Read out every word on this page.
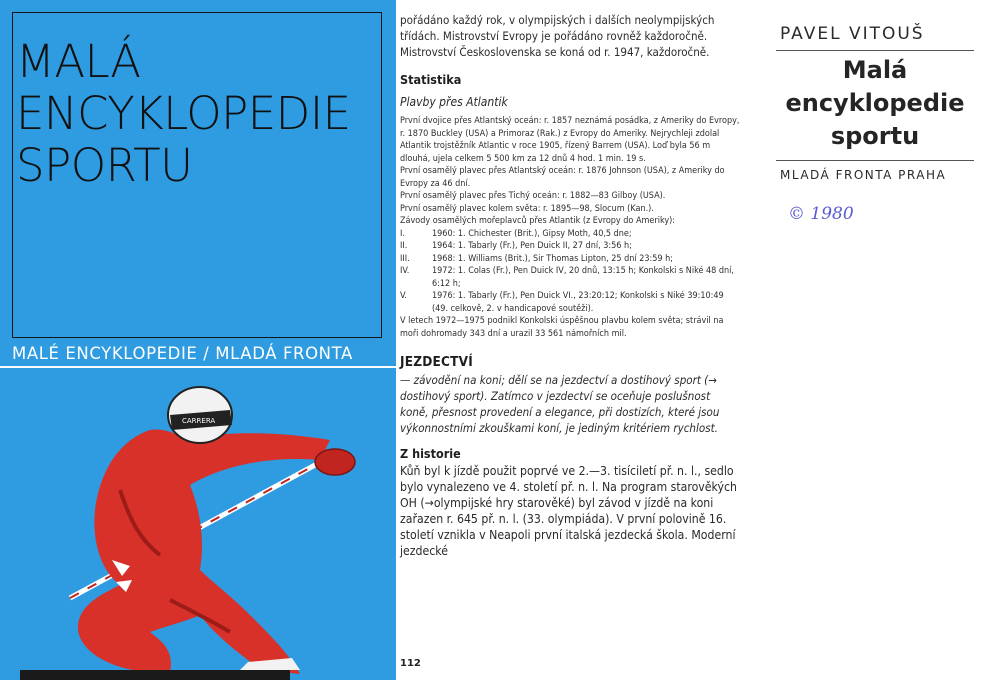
MALÁ
ENCYKLOPEDIE
SPORTU
MALÉ ENCYKLOPEDIE / MLADÁ FRONTA
CARRERA

pořádáno každý rok, v olympijských i dalších neolympijských třídách. Mistrovství Evropy je pořádáno rovněž každoročně.

Mistrovství Československa se koná od r. 1947, každoročně.

Statistika
Plavby přes Atlantik

První dvojice přes Atlantský oceán: r. 1857 neznámá posádka, z Ameriky do Evropy, r. 1870 Buckley (USA) a Primoraz (Rak.) z Evropy do Ameriky. Nejrychleji zdolal Atlantik trojstěžník Atlantic v roce 1905, řízený Barrem (USA). Loď byla 56 m dlouhá, ujela celkem 5 500 km za 12 dnů 4 hod. 1 min. 19 s.

První osamělý plavec přes Atlantský oceán: r. 1876 Johnson (USA), z Ameriky do Evropy za 46 dní.

První osamělý plavec přes Tichý oceán: r. 1882—83 Gilboy (USA).

První osamělý plavec kolem světa: r. 1895—98, Slocum (Kan.).

Závody osamělých mořeplavců přes Atlantik (z Evropy do Ameriky):

I.	1960: 1. Chichester (Brit.), Gipsy Moth, 40,5 dne;
II.	1964: 1. Tabarly (Fr.), Pen Duick II, 27 dní, 3:56 h;
III.	1968: 1. Williams (Brit.), Sir Thomas Lipton, 25 dní 23:59 h;
IV.	1972: 1. Colas (Fr.), Pen Duick IV, 20 dnů, 13:15 h; Konkolski s Niké 48 dní, 6:12 h;
V.	1976: 1. Tabarly (Fr.), Pen Duick VI., 23:20:12; Konkolski s Niké 39:10:49 (49. celkově, 2. v handicapové soutěži).

V letech 1972—1975 podnikl Konkolski úspěšnou plavbu kolem světa; strávil na moři dohromady 343 dní a urazil 33 561 námořních mil.

JEZDECTVÍ

— závodění na koni; dělí se na jezdectví a dostihový sport (→ dostihový sport). Zatímco v jezdectví se oceňuje poslušnost koně, přesnost provedení a elegance, při dostizích, které jsou výkonnostními zkouškami koní, je jediným kritériem rychlost.

Z historie

Kůň byl k jízdě použit poprvé ve 2.—3. tisíciletí př. n. l., sedlo bylo vynalezeno ve 4. století př. n. l. Na program starověkých OH (→olympijské hry starověké) byl závod v jízdě na koni zařazen r. 645 př. n. l. (33. olympiáda). V první polovině 16. století vznikla v Neapoli první italská jezdecká škola. Moderní jezdecké

112
PAVEL VITOUŠ
Malá
encyklopedie
sportu
MLADÁ FRONTA PRAHA
© 1980
